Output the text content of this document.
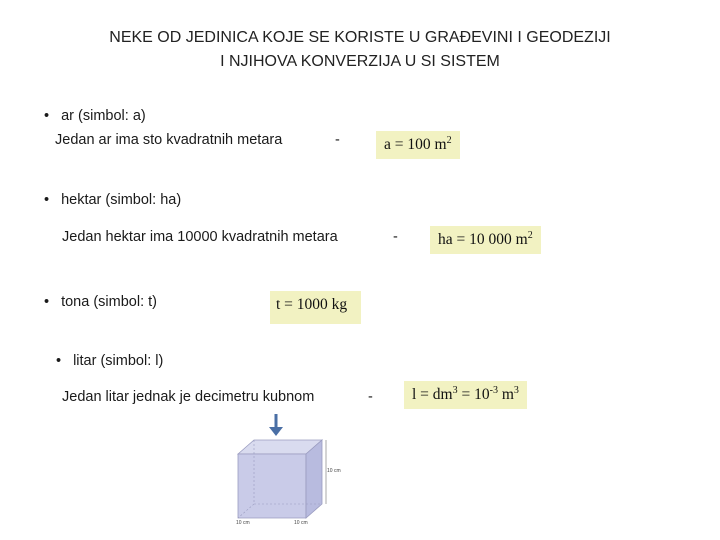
NEKE OD JEDINICA KOJE SE KORISTE U GRAĐEVINI I GEODEZIJI
I NJIHOVA KONVERZIJA U SI SISTEM
• ar (simbol: a)
Jedan ar ima sto kvadratnih metara	-	a = 100 $m^2$
• hektar (simbol: ha)
Jedan hektar ima 10000 kvadratnih metara	-	ha = 10 000 $m^2$
• tona (simbol: t)	t = 1000 kg
• litar (simbol: l)
Jedan litar jednak je decimetru kubnom	-	$l = dm^3 = 10^{-3}$ $m^3$
10 cm
10 cm	10 cm
